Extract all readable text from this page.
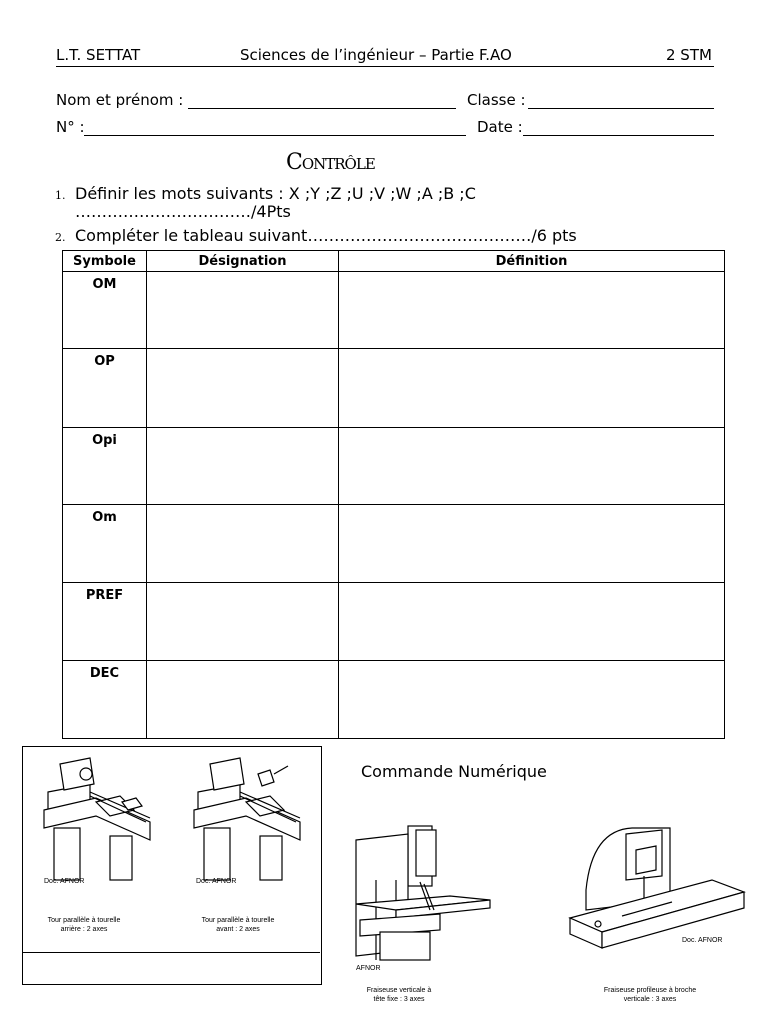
L.T. SETTAT	Sciences de l’ingénieur – Partie F.AO	2 STM
Nom et prénom :	Classe :
N° :	Date :
Contrôle
1. Définir les mots suivants : X ;Y ;Z ;U ;V ;W ;A ;B ;C
……………………………/4Pts
2. Compléter le tableau suivant……………………………………/6 pts
Symbole	Désignation	Définition
OM		
OP		
Opi		
Om		
PREF		
DEC		
Doc. AFNOR
Tour parallèle à tourelle arrière : 2 axes
Doc. AFNOR
Tour parallèle à tourelle avant : 2 axes
Commande Numérique
AFNOR
Fraiseuse verticale à tête fixe : 3 axes
Doc. AFNOR
Fraiseuse profileuse à broche verticale : 3 axes
